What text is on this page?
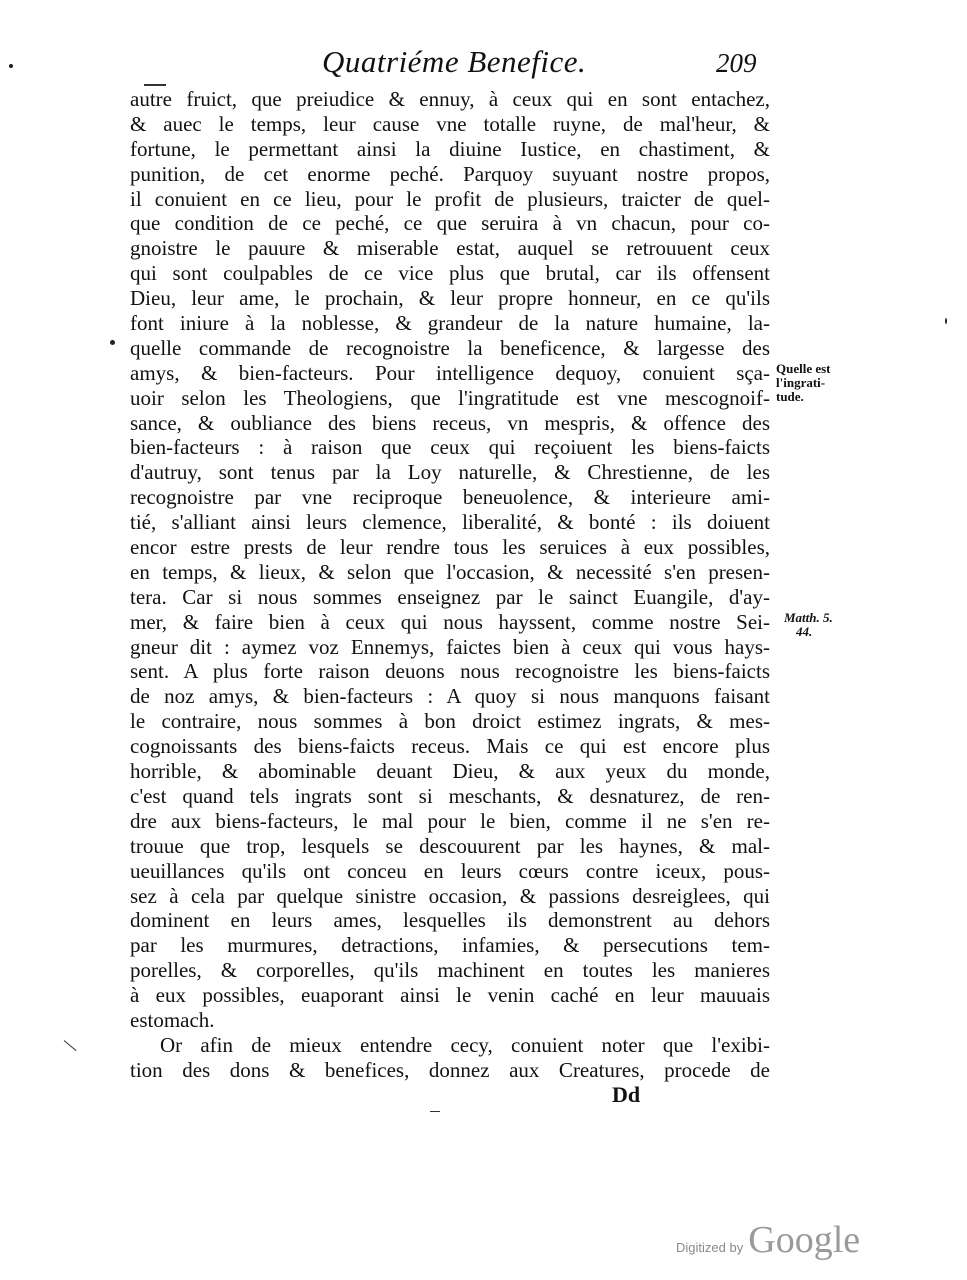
Quatriéme Benefice.	209
autre fruict, que preiudice & ennuy, à ceux qui en sont entachez,
& auec le temps, leur cause vne totalle ruyne, de mal'heur, &
fortune, le permettant ainsi la diuine Iustice, en chastiment, &
punition, de cet enorme peché. Parquoy suyuant nostre propos,
il conuient en ce lieu, pour le profit de plusieurs, traicter de quel-
que condition de ce peché, ce que seruira à vn chacun, pour co-
gnoistre le pauure & miserable estat, auquel se retrouuent ceux
qui sont coulpables de ce vice plus que brutal, car ils offensent
Dieu, leur ame, le prochain, & leur propre honneur, en ce qu'ils
font iniure à la noblesse, & grandeur de la nature humaine, la-
quelle commande de recognoistre la beneficence, & largesse des
amys, & bien-facteurs. Pour intelligence dequoy, conuient sça-
uoir selon les Theologiens, que l'ingratitude est vne mescognoif-
sance, & oubliance des biens receus, vn mespris, & offence des
bien-facteurs : à raison que ceux qui reçoiuent les biens-faicts
d'autruy, sont tenus par la Loy naturelle, & Chrestienne, de les
recognoistre par vne reciproque beneuolence, & interieure ami-
tié, s'alliant ainsi leurs clemence, liberalité, & bonté : ils doiuent
encor estre prests de leur rendre tous les seruices à eux possibles,
en temps, & lieux, & selon que l'occasion, & necessité s'en presen-
tera. Car si nous sommes enseignez par le sainct Euangile, d'ay-
mer, & faire bien à ceux qui nous hayssent, comme nostre Sei-
gneur dit : aymez voz Ennemys, faictes bien à ceux qui vous hays-
sent. A plus forte raison deuons nous recognoistre les biens-faicts
de noz amys, & bien-facteurs : A quoy si nous manquons faisant
le contraire, nous sommes à bon droict estimez ingrats, & mes-
cognoissants des biens-faicts receus. Mais ce qui est encore plus
horrible, & abominable deuant Dieu, & aux yeux du monde,
c'est quand tels ingrats sont si meschants, & desnaturez, de ren-
dre aux biens-facteurs, le mal pour le bien, comme il ne s'en re-
trouue que trop, lesquels se descouurent par les haynes, & mal-
ueuillances qu'ils ont conceu en leurs cœurs contre iceux, pous-
sez à cela par quelque sinistre occasion, & passions desreiglees, qui
dominent en leurs ames, lesquelles ils demonstrent au dehors
par les murmures, detractions, infamies, & persecutions tem-
porelles, & corporelles, qu'ils machinent en toutes les manieres
à eux possibles, euaporant ainsi le venin caché en leur mauuais
estomach.
Or afin de mieux entendre cecy, conuient noter que l'exibi-
tion des dons & benefices, donnez aux Creatures, procede de
Quelle est
l'ingrati-
tude.
Matth. 5.
44.
Dd
Digitized by Google
